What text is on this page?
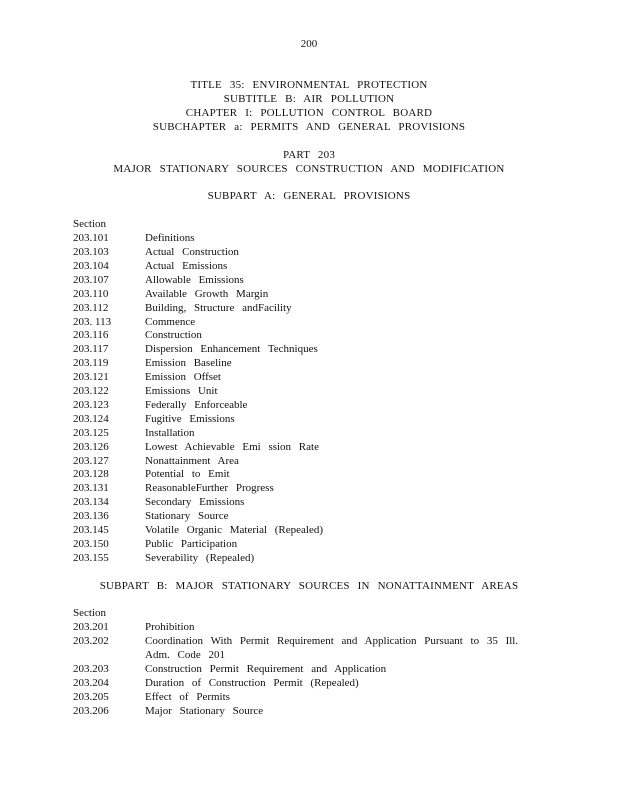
200
TITLE 35: ENVIRONMENTAL PROTECTION
SUBTITLE B: AIR POLLUTION
CHAPTER I: POLLUTION CONTROL BOARD
SUBCHAPTER a: PERMITS AND GENERAL PROVISIONS
PART 203
MAJOR STATIONARY SOURCES CONSTRUCTION AND MODIFICATION
SUBPART A: GENERAL PROVISIONS
Section
203.101	Definitions
203.103	Actual Construction
203.104	Actual Emissions
203.107	Allowable Emissions
203.110	Available Growth Margin
203.112	Building, Structure andFacility
203. 113	Commence
203.116	Construction
203.117	Dispersion Enhancement Techniques
203.119	Emission Baseline
203.121	Emission Offset
203.122	Emissions Unit
203.123	Federally Enforceable
203.124	Fugitive Emissions
203.125	Installation
203.126	Lowest Achievable Emi ssion Rate
203.127	Nonattainment Area
203.128	Potential to Emit
203.131	ReasonableFurther Progress
203.134	Secondary Emissions
203.136	Stationary Source
203.145	Volatile Organic Material (Repealed)
203.150	Public Participation
203.155	Severability (Repealed)
SUBPART B: MAJOR STATIONARY SOURCES IN NONATTAINMENT AREAS
Section
203.201	Prohibition
203.202	Coordination With Permit Requirement and Application Pursuant to 35 Ill.
Adm. Code 201
203.203	Construction Permit Requirement and Application
203.204	Duration of Construction Permit (Repealed)
203.205	Effect of Permits
203.206	Major Stationary Source
